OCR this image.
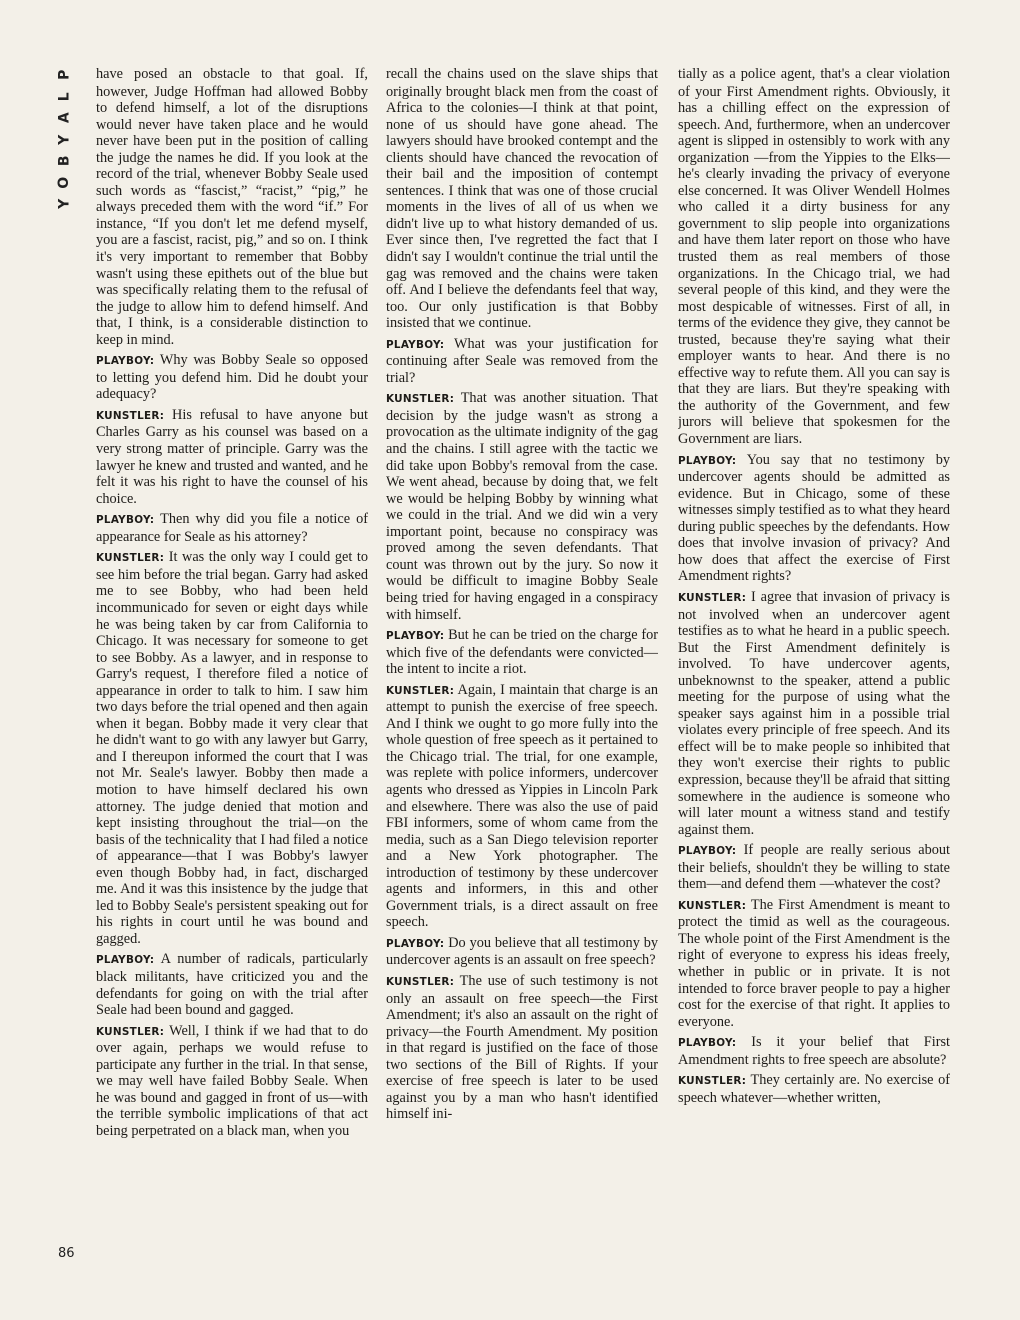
P
L
A
Y
B
O
Y
86

have posed an obstacle to that goal. If, however, Judge Hoffman had allowed Bobby to defend himself, a lot of the disruptions would never have taken place and he would never have been put in the position of calling the judge the names he did. If you look at the record of the trial, whenever Bobby Seale used such words as “fascist,” “racist,” “pig,” he always preceded them with the word “if.” For instance, “If you don't let me defend myself, you are a fascist, racist, pig,” and so on. I think it's very important to remember that Bobby wasn't using these epithets out of the blue but was specifically relating them to the refusal of the judge to allow him to defend himself. And that, I think, is a considerable distinction to keep in mind.

PLAYBOY: Why was Bobby Seale so opposed to letting you defend him. Did he doubt your adequacy?

KUNSTLER: His refusal to have anyone but Charles Garry as his counsel was based on a very strong matter of principle. Garry was the lawyer he knew and trusted and wanted, and he felt it was his right to have the counsel of his choice.

PLAYBOY: Then why did you file a notice of appearance for Seale as his attorney?

KUNSTLER: It was the only way I could get to see him before the trial began. Garry had asked me to see Bobby, who had been held incommunicado for seven or eight days while he was being taken by car from California to Chicago. It was necessary for someone to get to see Bobby. As a lawyer, and in response to Garry's request, I therefore filed a notice of appearance in order to talk to him. I saw him two days before the trial opened and then again when it began. Bobby made it very clear that he didn't want to go with any lawyer but Garry, and I thereupon informed the court that I was not Mr. Seale's lawyer. Bobby then made a motion to have himself declared his own attorney. The judge denied that motion and kept insisting throughout the trial—on the basis of the technicality that I had filed a notice of appearance—that I was Bobby's lawyer even though Bobby had, in fact, discharged me. And it was this insistence by the judge that led to Bobby Seale's persistent speaking out for his rights in court until he was bound and gagged.

PLAYBOY: A number of radicals, particularly black militants, have criticized you and the defendants for going on with the trial after Seale had been bound and gagged.

KUNSTLER: Well, I think if we had that to do over again, perhaps we would refuse to participate any further in the trial. In that sense, we may well have failed Bobby Seale. When he was bound and gagged in front of us—with the terrible symbolic implications of that act being perpetrated on a black man, when you

recall the chains used on the slave ships that originally brought black men from the coast of Africa to the colonies—I think at that point, none of us should have gone ahead. The lawyers should have brooked contempt and the clients should have chanced the revocation of their bail and the imposition of contempt sentences. I think that was one of those crucial moments in the lives of all of us when we didn't live up to what history demanded of us. Ever since then, I've regretted the fact that I didn't say I wouldn't continue the trial until the gag was removed and the chains were taken off. And I believe the defendants feel that way, too. Our only justification is that Bobby insisted that we continue.

PLAYBOY: What was your justification for continuing after Seale was removed from the trial?

KUNSTLER: That was another situation. That decision by the judge wasn't as strong a provocation as the ultimate indignity of the gag and the chains. I still agree with the tactic we did take upon Bobby's removal from the case. We went ahead, because by doing that, we felt we would be helping Bobby by winning what we could in the trial. And we did win a very important point, because no conspiracy was proved among the seven defendants. That count was thrown out by the jury. So now it would be difficult to imagine Bobby Seale being tried for having engaged in a conspiracy with himself.

PLAYBOY: But he can be tried on the charge for which five of the defendants were convicted—the intent to incite a riot.

KUNSTLER: Again, I maintain that charge is an attempt to punish the exercise of free speech. And I think we ought to go more fully into the whole question of free speech as it pertained to the Chicago trial. The trial, for one example, was replete with police informers, undercover agents who dressed as Yippies in Lincoln Park and elsewhere. There was also the use of paid FBI informers, some of whom came from the media, such as a San Diego television reporter and a New York photographer. The introduction of testimony by these undercover agents and informers, in this and other Government trials, is a direct assault on free speech.

PLAYBOY: Do you believe that all testimony by undercover agents is an assault on free speech?

KUNSTLER: The use of such testimony is not only an assault on free speech—the First Amendment; it's also an assault on the right of privacy—the Fourth Amendment. My position in that regard is justified on the face of those two sections of the Bill of Rights. If your exercise of free speech is later to be used against you by a man who hasn't identified himself ini-

tially as a police agent, that's a clear violation of your First Amendment rights. Obviously, it has a chilling effect on the expression of speech. And, furthermore, when an undercover agent is slipped in ostensibly to work with any organization —from the Yippies to the Elks—he's clearly invading the privacy of everyone else concerned. It was Oliver Wendell Holmes who called it a dirty business for any government to slip people into organizations and have them later report on those who have trusted them as real members of those organizations. In the Chicago trial, we had several people of this kind, and they were the most despicable of witnesses. First of all, in terms of the evidence they give, they cannot be trusted, because they're saying what their employer wants to hear. And there is no effective way to refute them. All you can say is that they are liars. But they're speaking with the authority of the Government, and few jurors will believe that spokesmen for the Government are liars.

PLAYBOY: You say that no testimony by undercover agents should be admitted as evidence. But in Chicago, some of these witnesses simply testified as to what they heard during public speeches by the defendants. How does that involve invasion of privacy? And how does that affect the exercise of First Amendment rights?

KUNSTLER: I agree that invasion of privacy is not involved when an undercover agent testifies as to what he heard in a public speech. But the First Amendment definitely is involved. To have undercover agents, unbeknownst to the speaker, attend a public meeting for the purpose of using what the speaker says against him in a possible trial violates every principle of free speech. And its effect will be to make people so inhibited that they won't exercise their rights to public expression, because they'll be afraid that sitting somewhere in the audience is someone who will later mount a witness stand and testify against them.

PLAYBOY: If people are really serious about their beliefs, shouldn't they be willing to state them—and defend them —whatever the cost?

KUNSTLER: The First Amendment is meant to protect the timid as well as the courageous. The whole point of the First Amendment is the right of everyone to express his ideas freely, whether in public or in private. It is not intended to force braver people to pay a higher cost for the exercise of that right. It applies to everyone.

PLAYBOY: Is it your belief that First Amendment rights to free speech are absolute?

KUNSTLER: They certainly are. No exercise of speech whatever—whether written,
